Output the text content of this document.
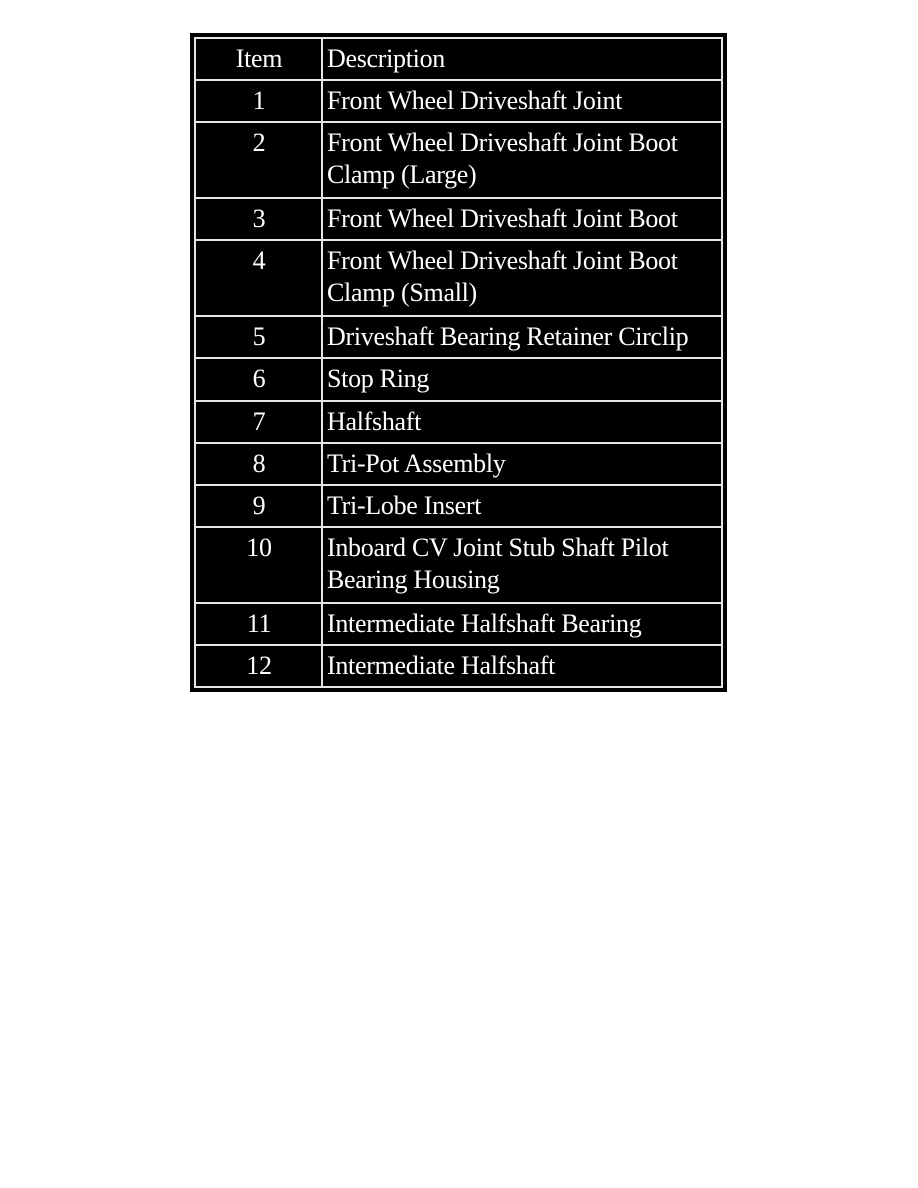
Item	Description
1	Front Wheel Driveshaft Joint
2	Front Wheel Driveshaft Joint Boot Clamp (Large)
3	Front Wheel Driveshaft Joint Boot
4	Front Wheel Driveshaft Joint Boot Clamp (Small)
5	Driveshaft Bearing Retainer Circlip
6	Stop Ring
7	Halfshaft
8	Tri-Pot Assembly
9	Tri-Lobe Insert
10	Inboard CV Joint Stub Shaft Pilot Bearing Housing
11	Intermediate Halfshaft Bearing
12	Intermediate Halfshaft
